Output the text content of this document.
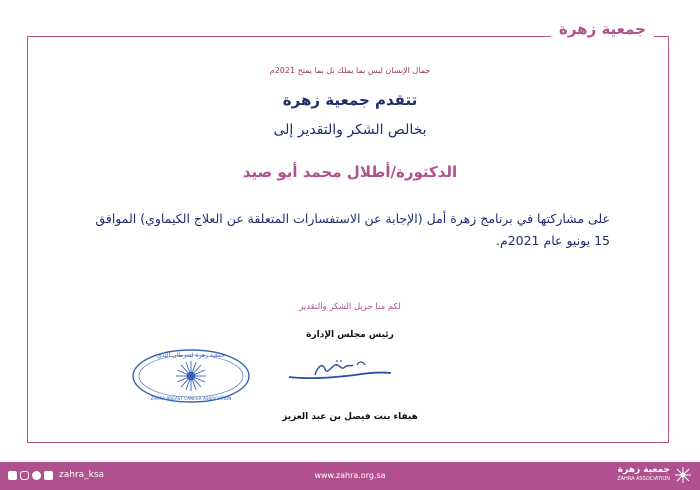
جمعية زهرة
جمال الإنسان ليس بما يملك بل بما يمنح 2021م
تتقدم جمعية زهرة
بخالص الشكر والتقدير إلى
الدكتورة/أطلال محمد أبو صيد
على مشاركتها في برنامج زهرة أمل (الإجابة عن الاستفسارات المتعلقة عن العلاج الكيماوي) الموافق 15 يونيو عام 2021م.
لكم منا جزيل الشكر والتقدير
رئيس مجلس الإدارة
جمعية زهرة لسرطان الثدي
ZAHRA BREAST CANCER ASSOCIATION
هيفاء بنت فيصل بن عبد العزيز
zahra_ksa	www.zahra.org.sa
جمعية زهرة
ZAHRA ASSOCIATION
